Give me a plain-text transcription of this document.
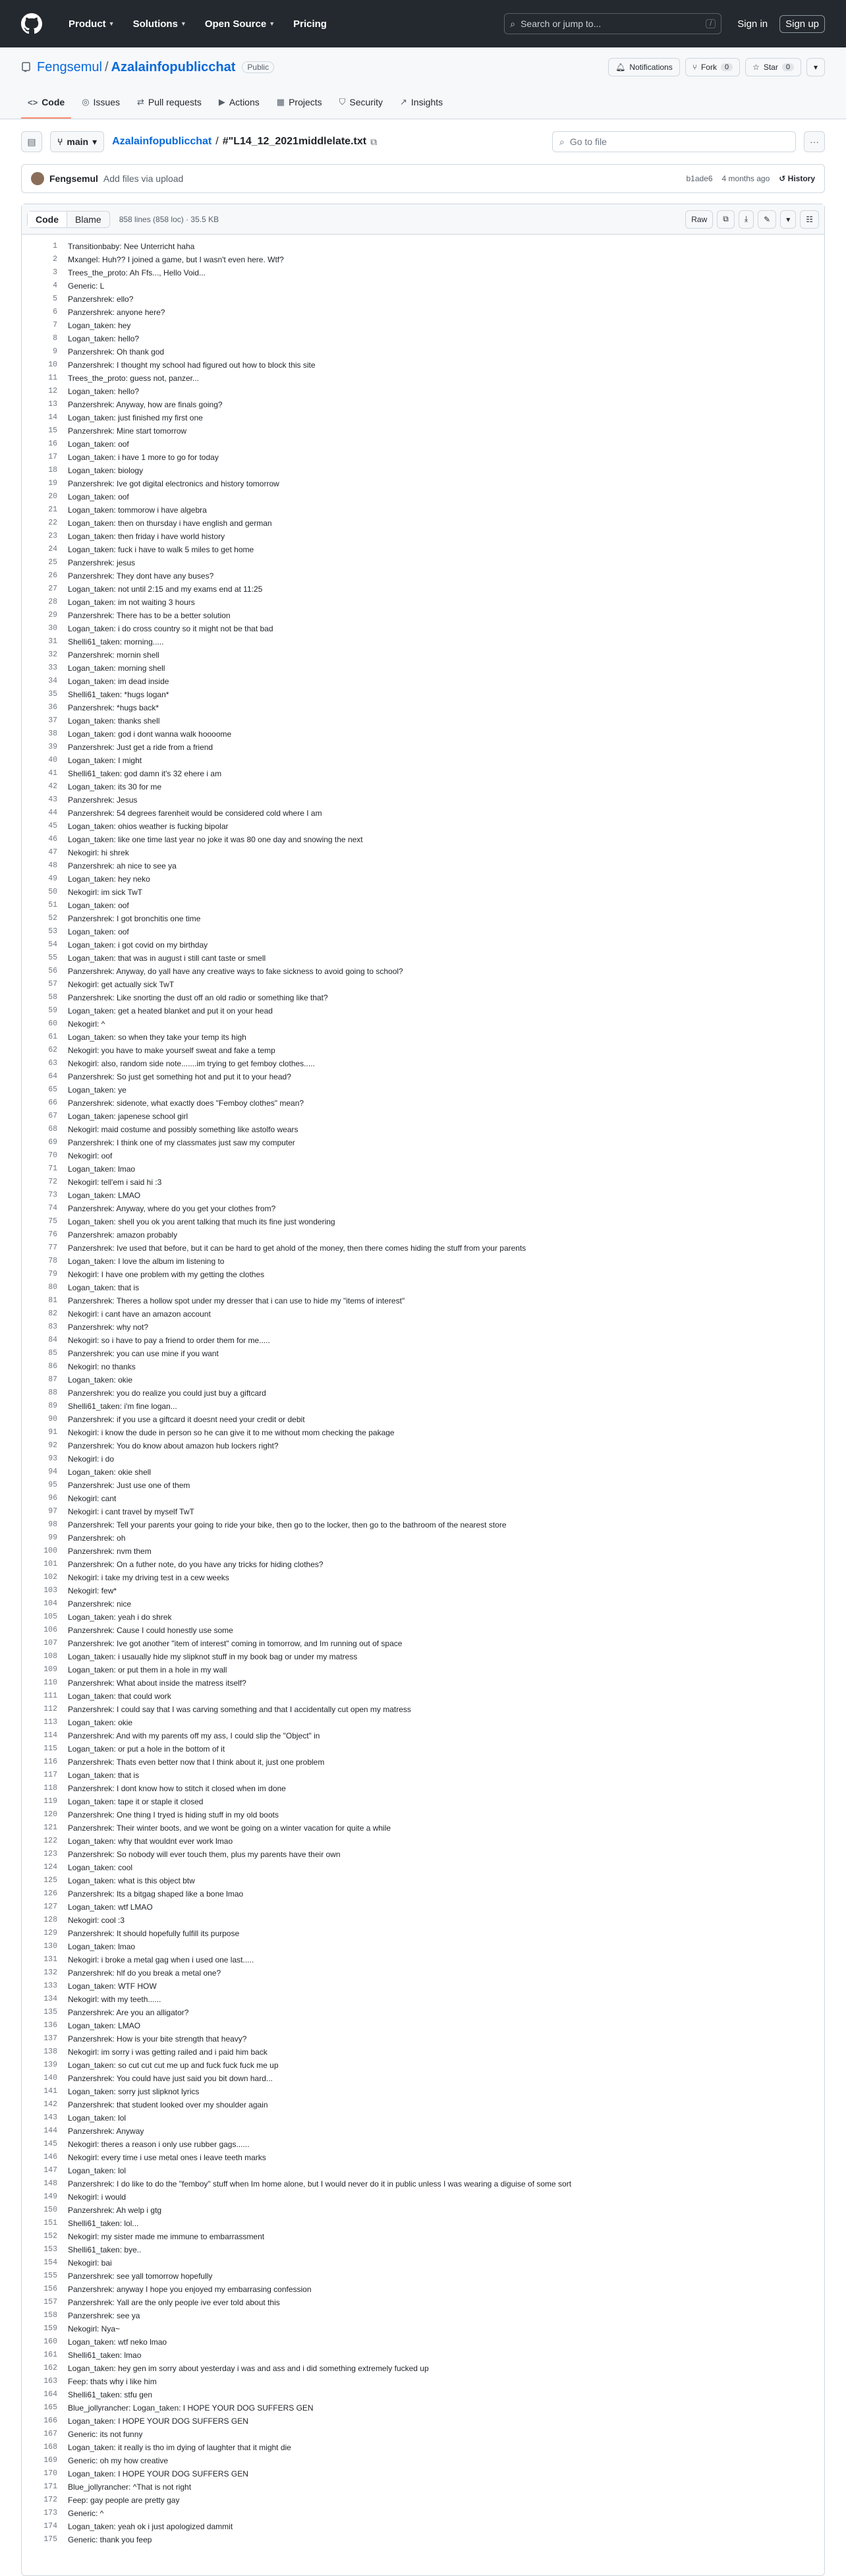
Product ▼ Solutions ▼ Open Source ▼ Pricing	⌕ Search or jump to...	/	Sign in	Sign up
Fengsemul / Azalainfopublicchat	Public	🔔︎ Notifications	⑂ Fork	0	☆ Star	0	▾
<> Code ◎ Issues ⇄ Pull requests ▶ Actions ▦ Projects ⛉ Security ↗ Insights
▤ ⑂ main ▾ Azalainfopublicchat / #"L14_12_2021middlelate.txt ⧉	⌕ Go to file	···
Fengsemul Add files via upload	b1ade6 4 months ago ↺ History
Code	Blame	858 lines (858 loc) · 35.5 KB	Raw	⧉ ⤓ ✎ ▾ ☷
1	Transitionbaby: Nee Unterricht haha
2	Mxangel: Huh?? I joined a game, but I wasn't even here. Wtf?
3	Trees_the_proto: Ah Ffs..., Hello Void...
4	Generic: L
5	Panzershrek: ello?
6	Panzershrek: anyone here?
7	Logan_taken: hey
8	Logan_taken: hello?
9	Panzershrek: Oh thank god
10	Panzershrek: I thought my school had figured out how to block this site
11	Trees_the_proto: guess not, panzer...
12	Logan_taken: hello?
13	Panzershrek: Anyway, how are finals going?
14	Logan_taken: just finished my first one
15	Panzershrek: Mine start tomorrow
16	Logan_taken: oof
17	Logan_taken: i have 1 more to go for today
18	Logan_taken: biology
19	Panzershrek: Ive got digital electronics and history tomorrow
20	Logan_taken: oof
21	Logan_taken: tommorow i have algebra
22	Logan_taken: then on thursday i have english and german
23	Logan_taken: then friday i have world history
24	Logan_taken: fuck i have to walk 5 miles to get home
25	Panzershrek: jesus
26	Panzershrek: They dont have any buses?
27	Logan_taken: not until 2:15 and my exams end at 11:25
28	Logan_taken: im not waiting 3 hours
29	Panzershrek: There has to be a better solution
30	Logan_taken: i do cross country so it might not be that bad
31	Shelli61_taken: morning.....
32	Panzershrek: mornin shell
33	Logan_taken: morning shell
34	Logan_taken: im dead inside
35	Shelli61_taken: *hugs logan*
36	Panzershrek: *hugs back*
37	Logan_taken: thanks shell
38	Logan_taken: god i dont wanna walk hoooome
39	Panzershrek: Just get a ride from a friend
40	Logan_taken: I might
41	Shelli61_taken: god damn it's 32 ehere i am
42	Logan_taken: its 30 for me
43	Panzershrek: Jesus
44	Panzershrek: 54 degrees farenheit would be considered cold where I am
45	Logan_taken: ohios weather is fucking bipolar
46	Logan_taken: like one time last year no joke it was 80 one day and snowing the next
47	Nekogirl: hi shrek
48	Panzershrek: ah nice to see ya
49	Logan_taken: hey neko
50	Nekogirl: im sick TwT
51	Logan_taken: oof
52	Panzershrek: I got bronchitis one time
53	Logan_taken: oof
54	Logan_taken: i got covid on my birthday
55	Logan_taken: that was in august i still cant taste or smell
56	Panzershrek: Anyway, do yall have any creative ways to fake sickness to avoid going to school?
57	Nekogirl: get actually sick TwT
58	Panzershrek: Like snorting the dust off an old radio or something like that?
59	Logan_taken: get a heated blanket and put it on your head
60	Nekogirl: ^
61	Logan_taken: so when they take your temp its high
62	Nekogirl: you have to make yourself sweat and fake a temp
63	Nekogirl: also, random side note.......im trying to get femboy clothes.....
64	Panzershrek: So just get something hot and put it to your head?
65	Logan_taken: ye
66	Panzershrek: sidenote, what exactly does "Femboy clothes" mean?
67	Logan_taken: japenese school girl
68	Nekogirl: maid costume and possibly something like astolfo wears
69	Panzershrek: I think one of my classmates just saw my computer
70	Nekogirl: oof
71	Logan_taken: lmao
72	Nekogirl: tell'em i said hi :3
73	Logan_taken: LMAO
74	Panzershrek: Anyway, where do you get your clothes from?
75	Logan_taken: shell you ok you arent talking that much its fine just wondering
76	Panzershrek: amazon probably
77	Panzershrek: Ive used that before, but it can be hard to get ahold of the money, then there comes hiding the stuff from your parents
78	Logan_taken: I love the album im listening to
79	Nekogirl: I have one problem with my getting the clothes
80	Logan_taken: that is
81	Panzershrek: Theres a hollow spot under my dresser that i can use to hide my "items of interest"
82	Nekogirl: i cant have an amazon account
83	Panzershrek: why not?
84	Nekogirl: so i have to pay a friend to order them for me.....
85	Panzershrek: you can use mine if you want
86	Nekogirl: no thanks
87	Logan_taken: okie
88	Panzershrek: you do realize you could just buy a giftcard
89	Shelli61_taken: i'm fine logan...
90	Panzershrek: if you use a giftcard it doesnt need your credit or debit
91	Nekogirl: i know the dude in person so he can give it to me without mom checking the pakage
92	Panzershrek: You do know about amazon hub lockers right?
93	Nekogirl: i do
94	Logan_taken: okie shell
95	Panzershrek: Just use one of them
96	Nekogirl: cant
97	Nekogirl: i cant travel by myself TwT
98	Panzershrek: Tell your parents your going to ride your bike, then go to the locker, then go to the bathroom of the nearest store
99	Panzershrek: oh
100	Panzershrek: nvm them
101	Panzershrek: On a futher note, do you have any tricks for hiding clothes?
102	Nekogirl: i take my driving test in a cew weeks
103	Nekogirl: few*
104	Panzershrek: nice
105	Logan_taken: yeah i do shrek
106	Panzershrek: Cause I could honestly use some
107	Panzershrek: Ive got another "item of interest" coming in tomorrow, and Im running out of space
108	Logan_taken: i usaually hide my slipknot stuff in my book bag or under my matress
109	Logan_taken: or put them in a hole in my wall
110	Panzershrek: What about inside the matress itself?
111	Logan_taken: that could work
112	Panzershrek: I could say that I was carving something and that I accidentally cut open my matress
113	Logan_taken: okie
114	Panzershrek: And with my parents off my ass, I could slip the "Object" in
115	Logan_taken: or put a hole in the bottom of it
116	Panzershrek: Thats even better now that I think about it, just one problem
117	Logan_taken: that is
118	Panzershrek: I dont know how to stitch it closed when im done
119	Logan_taken: tape it or staple it closed
120	Panzershrek: One thing I tryed is hiding stuff in my old boots
121	Panzershrek: Their winter boots, and we wont be going on a winter vacation for quite a while
122	Logan_taken: why that wouldnt ever work lmao
123	Panzershrek: So nobody will ever touch them, plus my parents have their own
124	Logan_taken: cool
125	Logan_taken: what is this object btw
126	Panzershrek: Its a bitgag shaped like a bone lmao
127	Logan_taken: wtf LMAO
128	Nekogirl: cool :3
129	Panzershrek: It should hopefully fulfill its purpose
130	Logan_taken: lmao
131	Nekogirl: i broke a metal gag when i used one last.....
132	Panzershrek: hlf do you break a metal one?
133	Logan_taken: WTF HOW
134	Nekogirl: with my teeth......
135	Panzershrek: Are you an alligator?
136	Logan_taken: LMAO
137	Panzershrek: How is your bite strength that heavy?
138	Nekogirl: im sorry i was getting railed and i paid him back
139	Logan_taken: so cut cut cut me up and fuck fuck fuck me up
140	Panzershrek: You could have just said you bit down hard...
141	Logan_taken: sorry just slipknot lyrics
142	Panzershrek: that student looked over my shoulder again
143	Logan_taken: lol
144	Panzershrek: Anyway
145	Nekogirl: theres a reason i only use rubber gags......
146	Nekogirl: every time i use metal ones i leave teeth marks
147	Logan_taken: lol
148	Panzershrek: I do like to do the "femboy" stuff when Im home alone, but I would never do it in public unless I was wearing a diguise of some sort
149	Nekogirl: i would
150	Panzershrek: Ah welp i gtg
151	Shelli61_taken: lol...
152	Nekogirl: my sister made me immune to embarrassment
153	Shelli61_taken: bye..
154	Nekogirl: bai
155	Panzershrek: see yall tomorrow hopefully
156	Panzershrek: anyway I hope you enjoyed my embarrasing confession
157	Panzershrek: Yall are the only people ive ever told about this
158	Panzershrek: see ya
159	Nekogirl: Nya~
160	Logan_taken: wtf neko lmao
161	Shelli61_taken: lmao
162	Logan_taken: hey gen im sorry about yesterday i was and ass and i did something extremely fucked up
163	Feep: thats why i like him
164	Shelli61_taken: stfu gen
165	Blue_jollyrancher: Logan_taken: I HOPE YOUR DOG SUFFERS GEN
166	Logan_taken: I HOPE YOUR DOG SUFFERS GEN
167	Generic: its not funny
168	Logan_taken: it really is tho im dying of laughter that it might die
169	Generic: oh my how creative
170	Logan_taken: I HOPE YOUR DOG SUFFERS GEN
171	Blue_jollyrancher: ^That is not right
172	Feep: gay people are pretty gay
173	Generic: ^
174	Logan_taken: yeah ok i just apologized dammit
175	Generic: thank you feep
